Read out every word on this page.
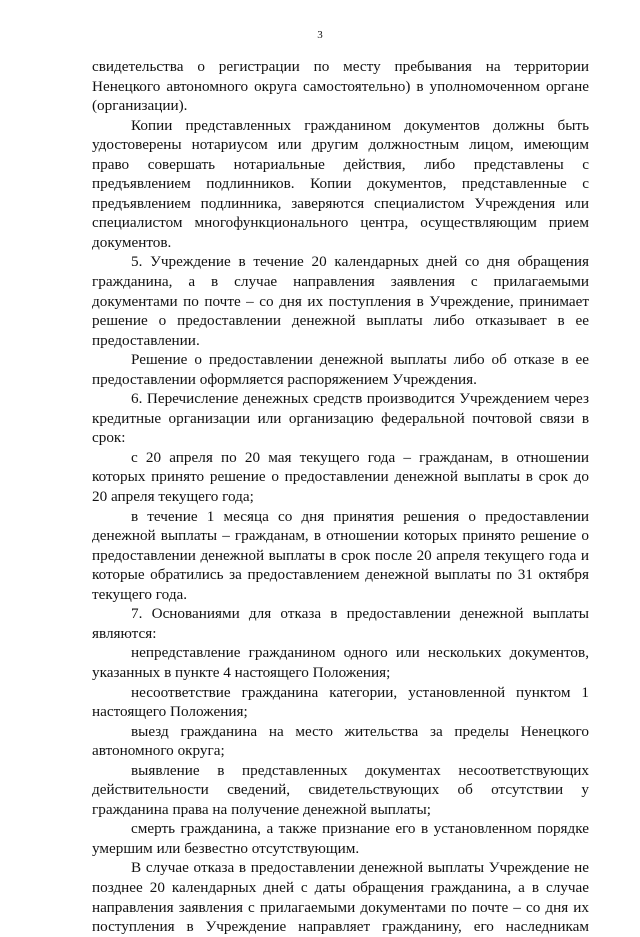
3

свидетельства о регистрации по месту пребывания на территории Ненецкого автономного округа самостоятельно) в уполномоченном органе (организации).

Копии представленных гражданином документов должны быть удостоверены нотариусом или другим должностным лицом, имеющим право совершать нотариальные действия, либо представлены с предъявлением подлинников. Копии документов, представленные с предъявлением подлинника, заверяются специалистом Учреждения или специалистом многофункционального центра, осуществляющим прием документов.

5. Учреждение в течение 20 календарных дней со дня обращения гражданина, а в случае направления заявления с прилагаемыми документами по почте – со дня их поступления в Учреждение, принимает решение о предоставлении денежной выплаты либо отказывает в ее предоставлении.

Решение о предоставлении денежной выплаты либо об отказе в ее предоставлении оформляется распоряжением Учреждения.

6. Перечисление денежных средств производится Учреждением через кредитные организации или организацию федеральной почтовой связи в срок:

с 20 апреля по 20 мая текущего года – гражданам, в отношении которых принято решение о предоставлении денежной выплаты в срок до 20 апреля текущего года;

в течение 1 месяца со дня принятия решения о предоставлении денежной выплаты – гражданам, в отношении которых принято решение о предоставлении денежной выплаты в срок после 20 апреля текущего года и которые обратились за предоставлением денежной выплаты по 31 октября текущего года.

7. Основаниями для отказа в предоставлении денежной выплаты являются:

непредставление гражданином одного или нескольких документов, указанных в пункте 4 настоящего Положения;

несоответствие гражданина категории, установленной пунктом 1 настоящего Положения;

выезд гражданина на место жительства за пределы Ненецкого автономного округа;

выявление в представленных документах несоответствующих действительности сведений, свидетельствующих об отсутствии у гражданина права на получение денежной выплаты;

смерть гражданина, а также признание его в установленном порядке умершим или безвестно отсутствующим.

В случае отказа в предоставлении денежной выплаты Учреждение не позднее 20 календарных дней с даты обращения гражданина, а в случае направления заявления с прилагаемыми документами по почте – со дня их поступления в Учреждение направляет гражданину, его наследникам
